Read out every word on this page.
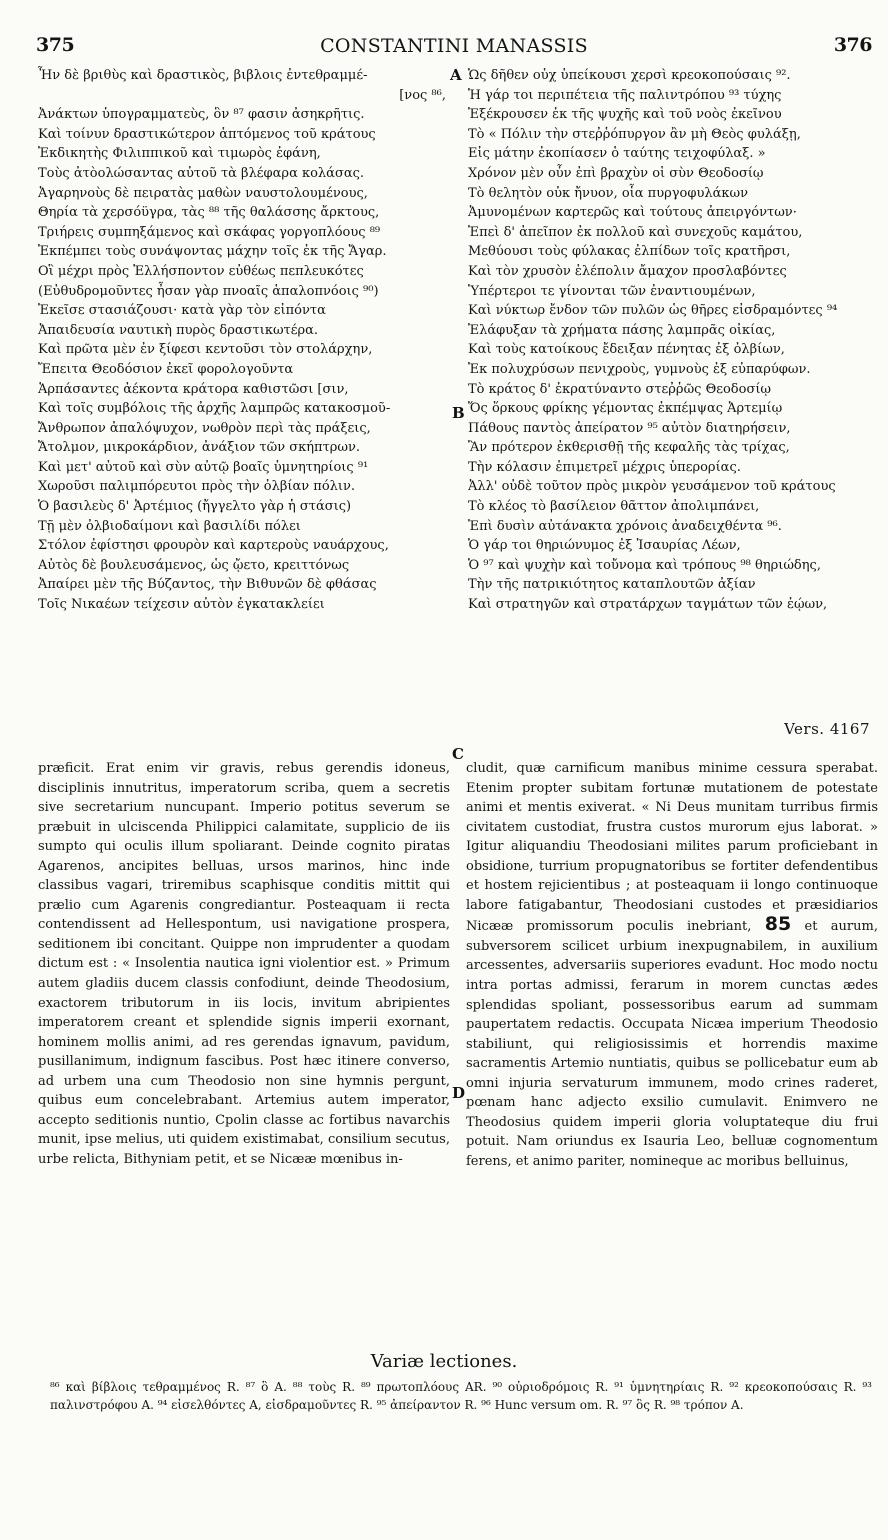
375	CONSTANTINI MANASSIS	376
Ἦν δὲ βριθὺς καὶ δραστικὸς, βιβλοις ἐντεθραμμέ-
[νος ⁸⁶,
Ἀνάκτων ὑπογραμματεὺς, ὃν ⁸⁷ φασιν ἀσηκρῆτις.
Καὶ τοίνυν δραστικώτερον ἁπτόμενος τοῦ κράτους
Ἐκδικητὴς Φιλιππικοῦ καὶ τιμωρὸς ἐφάνη,
Τοὺς ἀτὸολώσαντας αὐτοῦ τὰ βλέφαρα κολάσας.
Ἀγαρηνοὺς δὲ πειρατὰς μαθὼν ναυστολουμένους,
Θηρία τὰ χερσόϋγρα, τὰς ⁸⁸ τῆς θαλάσσης ἄρκτους,
Τριήρεις συμπηξάμενος καὶ σκάφας γοργοπλόους ⁸⁹
Ἐκπέμπει τοὺς συνάψοντας μάχην τοῖς ἐκ τῆς Ἄγαρ.
Οἳ μέχρι πρὸς Ἑλλήσποντον εὐθέως πεπλευκότες
(Εὐθυδρομοῦντες ἦσαν γὰρ πνοαῖς ἁπαλοπνόοις ⁹⁰)
Ἐκεῖσε στασιάζουσι· κατὰ γὰρ τὸν εἰπόντα
Ἀπαιδευσία ναυτικὴ πυρὸς δραστικωτέρα.
Καὶ πρῶτα μὲν ἐν ξίφεσι κεντοῦσι τὸν στολάρχην,
Ἔπειτα Θεοδόσιον ἐκεῖ φορολογοῦντα
Ἁρπάσαντες ἀέκοντα κράτορα καθιστῶσι [σιν,
Καὶ τοῖς συμβόλοις τῆς ἀρχῆς λαμπρῶς κατακοσμοῦ-
Ἄνθρωπον ἀπαλόψυχον, νωθρὸν περὶ τὰς πράξεις,
Ἄτολμον, μικροκάρδιον, ἀνάξιον τῶν σκήπτρων.
Καὶ μετ' αὐτοῦ καὶ σὺν αὐτῷ βοαῖς ὑμνητηρίοις ⁹¹
Χωροῦσι παλιμπόρευτοι πρὸς τὴν ὀλβίαν πόλιν.
Ὁ βασιλεὺς δ' Ἀρτέμιος (ἤγγελτο γὰρ ἡ στάσις)
Τῇ μὲν ὀλβιοδαίμονι καὶ βασιλίδι πόλει
Στόλον ἐφίστησι φρουρὸν καὶ καρτεροὺς ναυάρχους,
Αὐτὸς δὲ βουλευσάμενος, ὡς ᾤετο, κρειττόνως
Ἀπαίρει μὲν τῆς Βύζαντος, τὴν Βιθυνῶν δὲ φθάσας
Τοῖς Νικαέων τείχεσιν αὐτὸν ἐγκατακλείει
Ὡς δῆθεν οὐχ ὑπείκουσι χερσὶ κρεοκοπούσαις ⁹².
Ἡ γάρ τοι περιπέτεια τῆς παλιντρόπου ⁹³ τύχης
Ἐξέκρουσεν ἐκ τῆς ψυχῆς καὶ τοῦ νοὸς ἐκεῖνου
Τὸ « Πόλιν τὴν στεῤῥόπυργον ἂν μὴ Θεὸς φυλάξῃ,
Εἰς μάτην ἐκοπίασεν ὁ ταύτης τειχοφύλαξ. »
Χρόνον μὲν οὖν ἐπὶ βραχὺν οἱ σὺν Θεοδοσίῳ
Τὸ θελητὸν οὐκ ἤνυον, οἷα πυργοφυλάκων
Ἀμυνομένων καρτερῶς καὶ τούτους ἀπειργόντων·
Ἐπεὶ δ' ἀπεῖπον ἐκ πολλοῦ καὶ συνεχοῦς καμάτου,
Μεθύουσι τοὺς φύλακας ἐλπίδων τοῖς κρατῆρσι,
Καὶ τὸν χρυσὸν ἑλέπολιν ἄμαχον προσλαβόντες
Ὑπέρτεροι τε γίνονται τῶν ἐναντιουμένων,
Καὶ νύκτωρ ἔνδον τῶν πυλῶν ὡς θῆρες εἰσδραμόντες ⁹⁴
Ἐλάφυξαν τὰ χρήματα πάσης λαμπρᾶς οἰκίας,
Καὶ τοὺς κατοίκους ἔδειξαν πένητας ἐξ ὀλβίων,
Ἐκ πολυχρύσων πενιχροὺς, γυμνοὺς ἐξ εὐπαρύφων.
Τὸ κράτος δ' ἐκρατύναντο στεῤῥῶς Θεοδοσίῳ
Ὅς ὅρκους φρίκης γέμοντας ἐκπέμψας Ἀρτεμίῳ
Πάθους παντὸς ἀπείρατον ⁹⁵ αὐτὸν διατηρήσειν,
Ἂν πρότερον ἐκθερισθῇ τῆς κεφαλῆς τὰς τρίχας,
Τὴν κόλασιν ἐπιμετρεῖ μέχρις ὑπερορίας.
Ἀλλ' οὐδὲ τοῦτον πρὸς μικρὸν γευσάμενον τοῦ κράτους
Τὸ κλέος τὸ βασίλειον θᾶττον ἀπολιμπάνει,
Ἐπὶ δυσὶν αὐτάνακτα χρόνοις ἀναδειχθέντα ⁹⁶.
Ὁ γάρ τοι θηριώνυμος ἐξ Ἰσαυρίας Λέων,
Ὁ ⁹⁷ καὶ ψυχὴν καὶ τοὔνομα καὶ τρόπους ⁹⁸ θηριώδης,
Τὴν τῆς πατρικιότητος καταπλουτῶν ἀξίαν
Καὶ στρατηγῶν καὶ στρατάρχων ταγμάτων τῶν ἐῴων,
A
B
C
D
Vers. 4167
præficit. Erat enim vir gravis, rebus gerendis idoneus, disciplinis innutritus, imperatorum scriba, quem a secretis sive secretarium nuncupant. Imperio potitus severum se præbuit in ulciscenda Philippici calamitate, supplicio de iis sumpto qui oculis illum spoliarant. Deinde cognito piratas Agarenos, ancipites belluas, ursos marinos, hinc inde classibus vagari, triremibus scaphisque conditis mittit qui prælio cum Agarenis congrediantur. Posteaquam ii recta contendissent ad Hellespontum, usi navigatione prospera, seditionem ibi concitant. Quippe non imprudenter a quodam dictum est : « Insolentia nautica igni violentior est. » Primum autem gladiis ducem classis confodiunt, deinde Theodosium, exactorem tributorum in iis locis, invitum abripientes imperatorem creant et splendide signis imperii exornant, hominem mollis animi, ad res gerendas ignavum, pavidum, pusillanimum, indignum fascibus. Post hæc itinere converso, ad urbem una cum Theodosio non sine hymnis pergunt, quibus eum concelebrabant. Artemius autem imperator, accepto seditionis nuntio, Cpolin classe ac fortibus navarchis munit, ipse melius, uti quidem existimabat, consilium secutus, urbe relicta, Bithyniam petit, et se Nicææ mœnibus in-
cludit, quæ carnificum manibus minime cessura sperabat. Etenim propter subitam fortunæ mutationem de potestate animi et mentis exiverat. « Ni Deus munitam turribus firmis civitatem custodiat, frustra custos murorum ejus laborat. » Igitur aliquandiu Theodosiani milites parum proficiebant in obsidione, turrium propugnatoribus se fortiter defendentibus et hostem rejicientibus ; at posteaquam ii longo continuoque labore fatigabantur, Theodosiani custodes et præsidiarios Nicææ promissorum poculis inebriant, 85 et aurum, subversorem scilicet urbium inexpugnabilem, in auxilium arcessentes, adversariis superiores evadunt. Hoc modo noctu intra portas admissi, ferarum in morem cunctas ædes splendidas spoliant, possessoribus earum ad summam paupertatem redactis. Occupata Nicæa imperium Theodosio stabiliunt, qui religiosissimis et horrendis maxime sacramentis Artemio nuntiatis, quibus se pollicebatur eum ab omni injuria servaturum immunem, modo crines raderet, pœnam hanc adjecto exsilio cumulavit. Enimvero ne Theodosius quidem imperii gloria voluptateque diu frui potuit. Nam oriundus ex Isauria Leo, belluæ cognomentum ferens, et animo pariter, nomineque ac moribus belluinus,
Variæ lectiones.
⁸⁶ καὶ βίβλοις τεθραμμένος R. ⁸⁷ ὃ A. ⁸⁸ τοὺς R. ⁸⁹ πρωτοπλόους AR. ⁹⁰ οὐριοδρόμοις R. ⁹¹ ὑμνητηρίαις R. ⁹² κρεοκοπούσαις R. ⁹³ παλινστρόφου A. ⁹⁴ εἰσελθόντες A, εἰσδραμοῦντες R. ⁹⁵ ἀπείραντον R. ⁹⁶ Hunc versum om. R. ⁹⁷ ὃς R. ⁹⁸ τρόπον A.
